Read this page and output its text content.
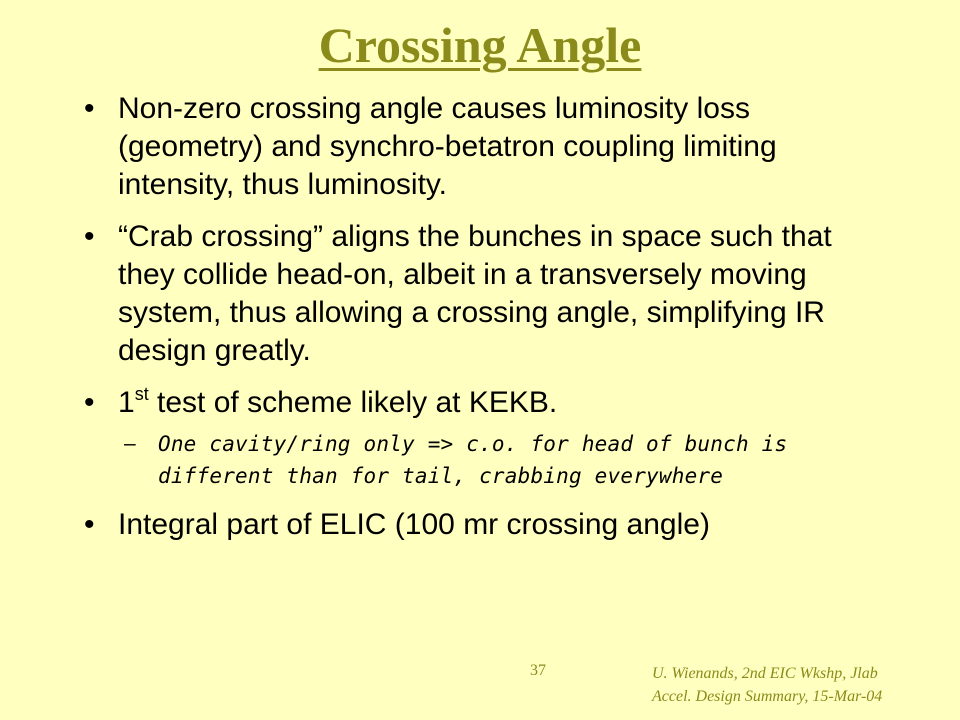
Crossing Angle
• Non-zero crossing angle causes luminosity loss (geometry) and synchro-betatron coupling limiting intensity, thus luminosity.
• “Crab crossing” aligns the bunches in space such that they collide head-on, albeit in a transversely moving system, thus allowing a crossing angle, simplifying IR design greatly.
• 1st test of scheme likely at KEKB.
– One cavity/ring only => c.o. for head of bunch is different than for tail, crabbing everywhere
• Integral part of ELIC (100 mr crossing angle)
37	U. Wienands, 2nd EIC Wkshp, Jlab
Accel. Design Summary, 15-Mar-04
